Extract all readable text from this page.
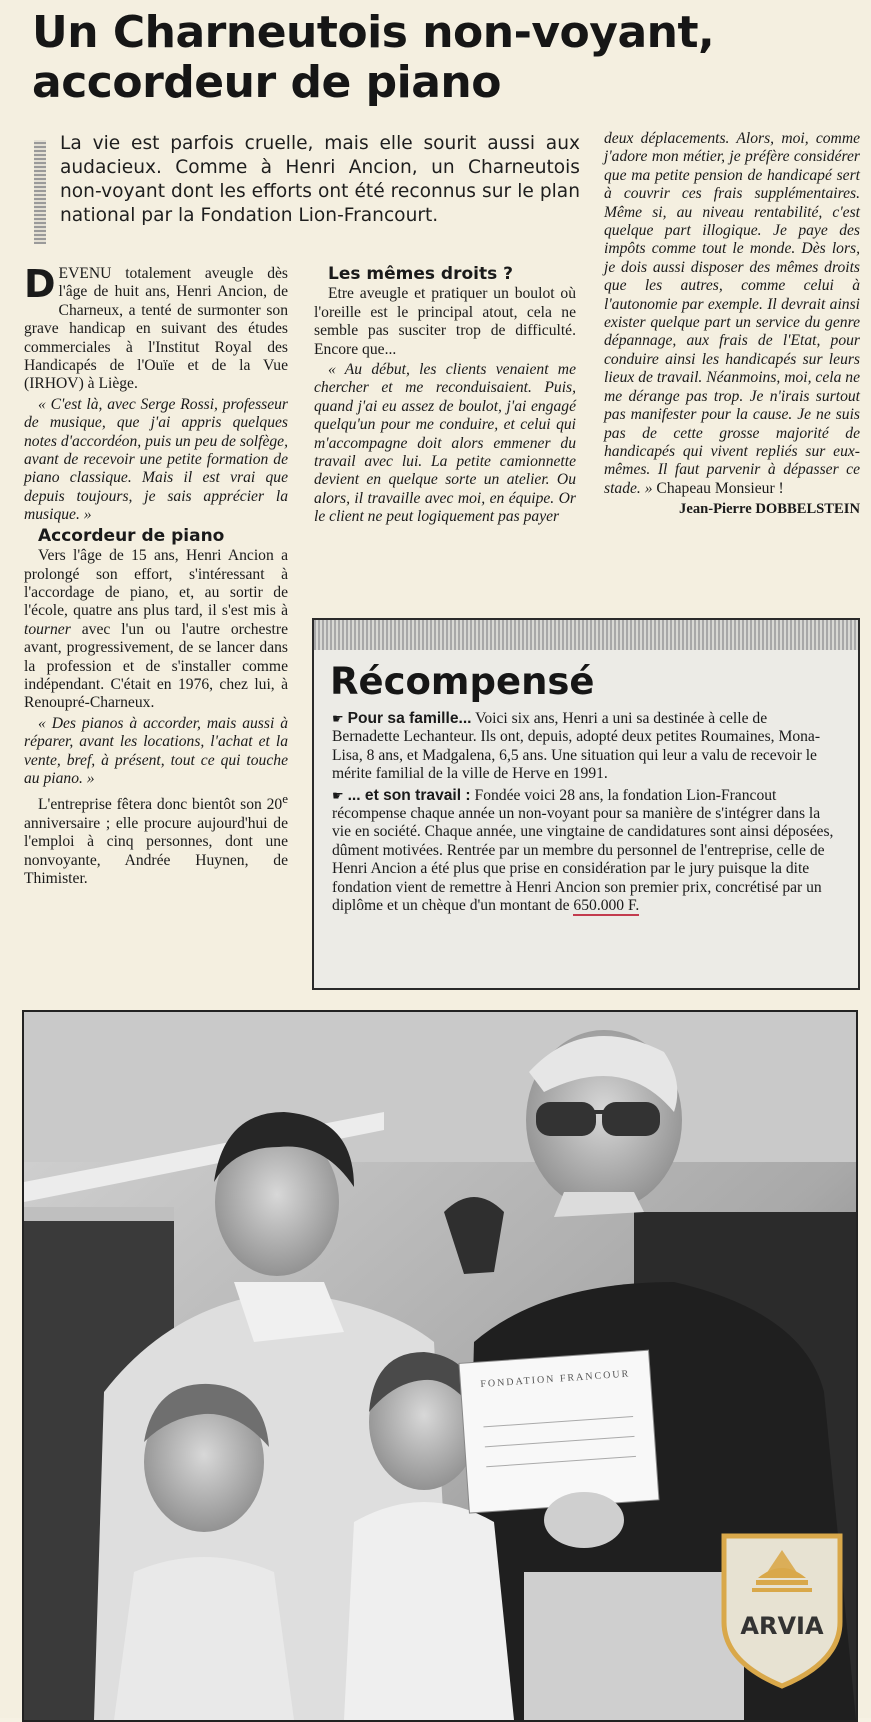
Un Charneutois non-voyant, accordeur de piano

La vie est parfois cruelle, mais elle sourit aussi aux audacieux. Comme à Henri Ancion, un Charneutois non-voyant dont les efforts ont été reconnus sur le plan national par la Fondation Lion-Francourt.

DEVENU totalement aveugle dès l'âge de huit ans, Henri Ancion, de Charneux, a tenté de surmonter son grave handicap en suivant des études commerciales à l'Institut Royal des Handicapés de l'Ouïe et de la Vue (IRHOV) à Liège.

« C'est là, avec Serge Rossi, professeur de musique, que j'ai appris quelques notes d'accordéon, puis un peu de solfège, avant de recevoir une petite formation de piano classique. Mais il est vrai que depuis toujours, je sais apprécier la musique. »

Accordeur de piano

Vers l'âge de 15 ans, Henri Ancion a prolongé son effort, s'intéressant à l'accordage de piano, et, au sortir de l'école, quatre ans plus tard, il s'est mis à tourner avec l'un ou l'autre orchestre avant, progressivement, de se lancer dans la profession et de s'installer comme indépendant. C'était en 1976, chez lui, à Renoupré-Charneux.

« Des pianos à accorder, mais aussi à réparer, avant les locations, l'achat et la vente, bref, à présent, tout ce qui touche au piano. »

L'entreprise fêtera donc bientôt son 20e anniversaire ; elle procure aujourd'hui de l'emploi à cinq personnes, dont une nonvoyante, Andrée Huynen, de Thimister.

Les mêmes droits ?

Etre aveugle et pratiquer un boulot où l'oreille est le principal atout, cela ne semble pas susciter trop de difficulté. Encore que...

« Au début, les clients venaient me chercher et me reconduisaient. Puis, quand j'ai eu assez de boulot, j'ai engagé quelqu'un pour me conduire, et celui qui m'accompagne doit alors emmener du travail avec lui. La petite camionnette devient en quelque sorte un atelier. Ou alors, il travaille avec moi, en équipe. Or le client ne peut logiquement pas payer

deux déplacements. Alors, moi, comme j'adore mon métier, je préfère considérer que ma petite pension de handicapé sert à couvrir ces frais supplémentaires. Même si, au niveau rentabilité, c'est quelque part illogique. Je paye des impôts comme tout le monde. Dès lors, je dois aussi disposer des mêmes droits que les autres, comme celui à l'autonomie par exemple. Il devrait ainsi exister quelque part un service du genre dépannage, aux frais de l'Etat, pour conduire ainsi les handicapés sur leurs lieux de travail. Néanmoins, moi, cela ne me dérange pas trop. Je n'irais surtout pas manifester pour la cause. Je ne suis pas de cette grosse majorité de handicapés qui vivent repliés sur eux-mêmes. Il faut parvenir à dépasser ce stade. » Chapeau Monsieur !

Jean-Pierre DOBBELSTEIN

Récompensé

☛ Pour sa famille... Voici six ans, Henri a uni sa destinée à celle de Bernadette Lechanteur. Ils ont, depuis, adopté deux petites Roumaines, Mona-Lisa, 8 ans, et Madgalena, 6,5 ans. Une situation qui leur a valu de recevoir le mérite familial de la ville de Herve en 1991.

☛ ... et son travail : Fondée voici 28 ans, la fondation Lion-Francout récompense chaque année un non-voyant pour sa manière de s'intégrer dans la vie en société. Chaque année, une vingtaine de candidatures sont ainsi déposées, dûment motivées. Rentrée par un membre du personnel de l'entreprise, celle de Henri Ancion a été plus que prise en considération par le jury puisque la dite fondation vient de remettre à Henri Ancion son premier prix, concrétisé par un diplôme et un chèque d'un montant de 650.000 F.

FONDATION FRANCOUR
ARVIA
